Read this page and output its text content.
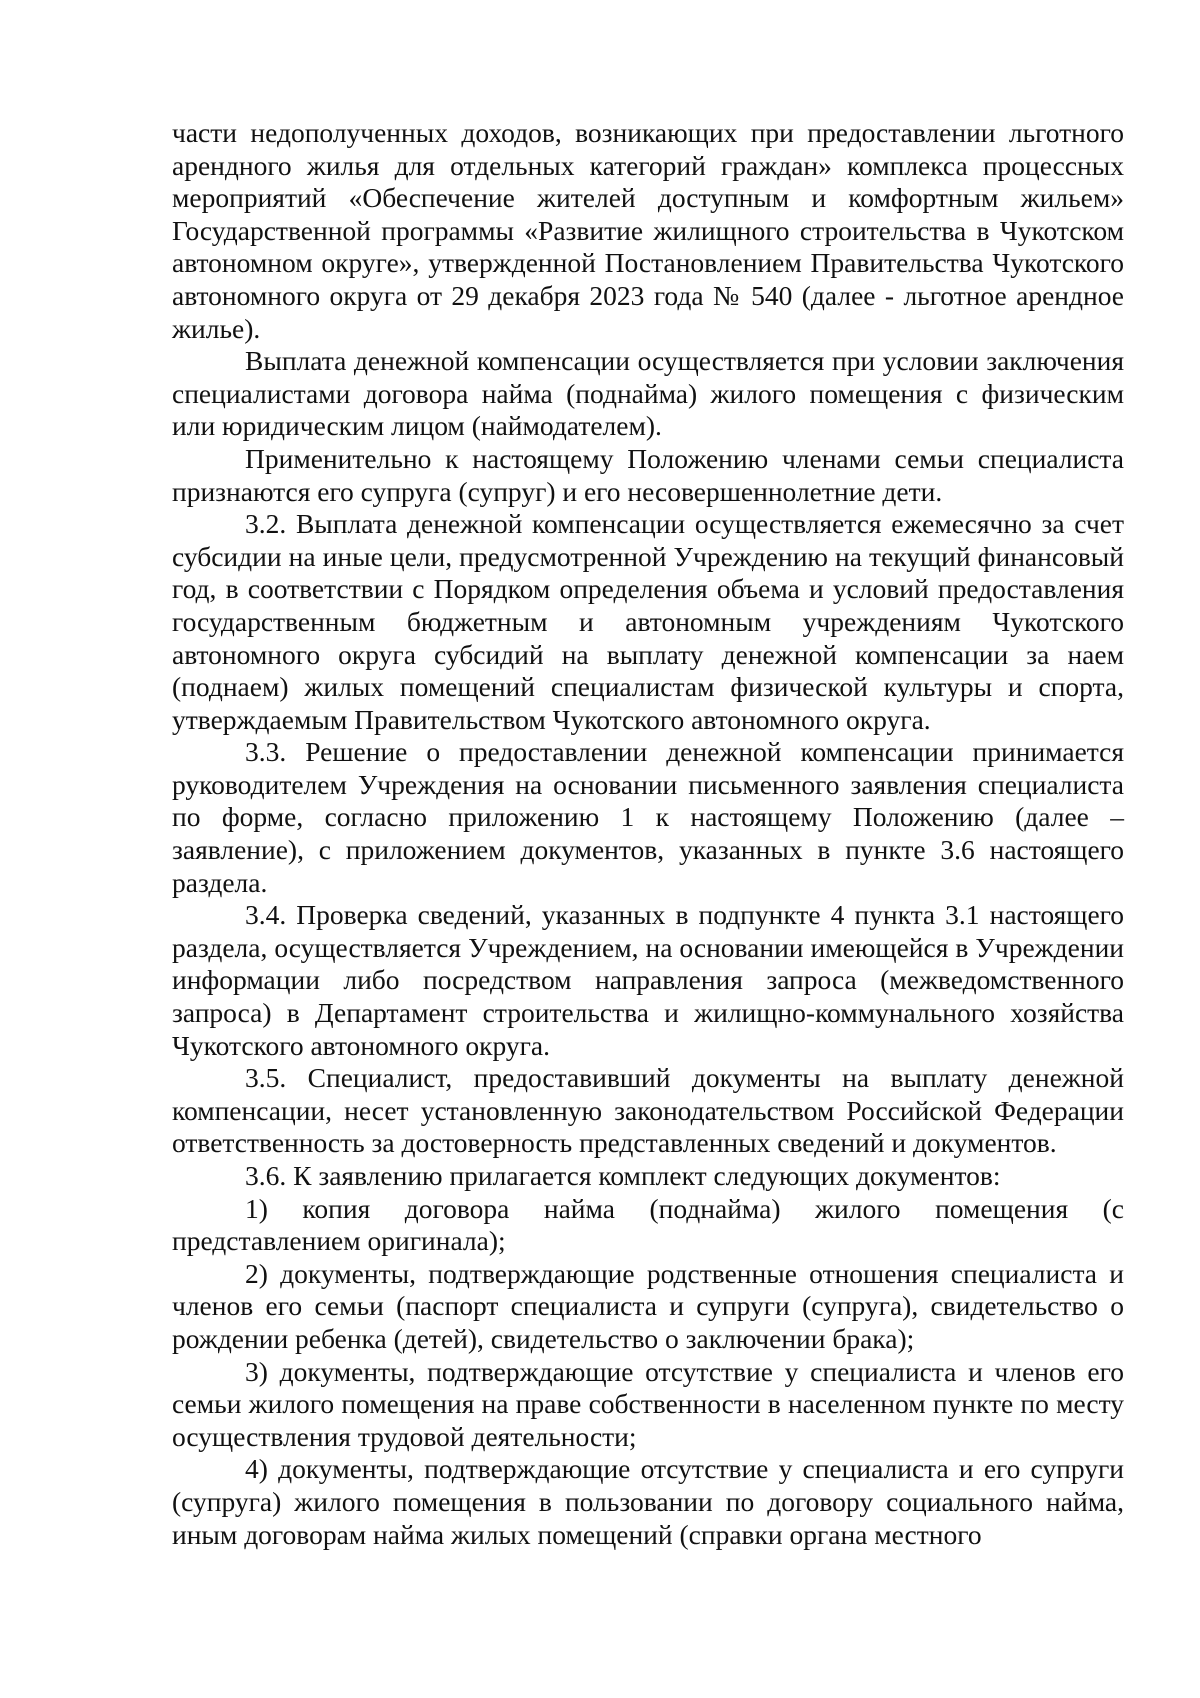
части недополученных доходов, возникающих при предоставлении льготного арендного жилья для отдельных категорий граждан» комплекса процессных мероприятий «Обеспечение жителей доступным и комфортным жильем» Государственной программы «Развитие жилищного строительства в Чукотском автономном округе», утвержденной Постановлением Правительства Чукотского автономного округа от 29 декабря 2023 года № 540 (далее - льготное арендное жилье).

Выплата денежной компенсации осуществляется при условии заключения специалистами договора найма (поднайма) жилого помещения с физическим или юридическим лицом (наймодателем).

Применительно к настоящему Положению членами семьи специалиста признаются его супруга (супруг) и его несовершеннолетние дети.

3.2. Выплата денежной компенсации осуществляется ежемесячно за счет субсидии на иные цели, предусмотренной Учреждению на текущий финансовый год, в соответствии с Порядком определения объема и условий предоставления государственным бюджетным и автономным учреждениям Чукотского автономного округа субсидий на выплату денежной компенсации за наем (поднаем) жилых помещений специалистам физической культуры и спорта, утверждаемым Правительством Чукотского автономного округа.

3.3. Решение о предоставлении денежной компенсации принимается руководителем Учреждения на основании письменного заявления специалиста по форме, согласно приложению 1 к настоящему Положению (далее – заявление), с приложением документов, указанных в пункте 3.6 настоящего раздела.

3.4. Проверка сведений, указанных в подпункте 4 пункта 3.1 настоящего раздела, осуществляется Учреждением, на основании имеющейся в Учреждении информации либо посредством направления запроса (межведомственного запроса) в Департамент строительства и жилищно-коммунального хозяйства Чукотского автономного округа.

3.5. Специалист, предоставивший документы на выплату денежной компенсации, несет установленную законодательством Российской Федерации ответственность за достоверность представленных сведений и документов.

3.6. К заявлению прилагается комплект следующих документов:

1) копия договора найма (поднайма) жилого помещения (с представлением оригинала);

2) документы, подтверждающие родственные отношения специалиста и членов его семьи (паспорт специалиста и супруги (супруга), свидетельство о рождении ребенка (детей), свидетельство о заключении брака);

3) документы, подтверждающие отсутствие у специалиста и членов его семьи жилого помещения на праве собственности в населенном пункте по месту осуществления трудовой деятельности;

4) документы, подтверждающие отсутствие у специалиста и его супруги (супруга) жилого помещения в пользовании по договору социального найма, иным договорам найма жилых помещений (справки органа местного
